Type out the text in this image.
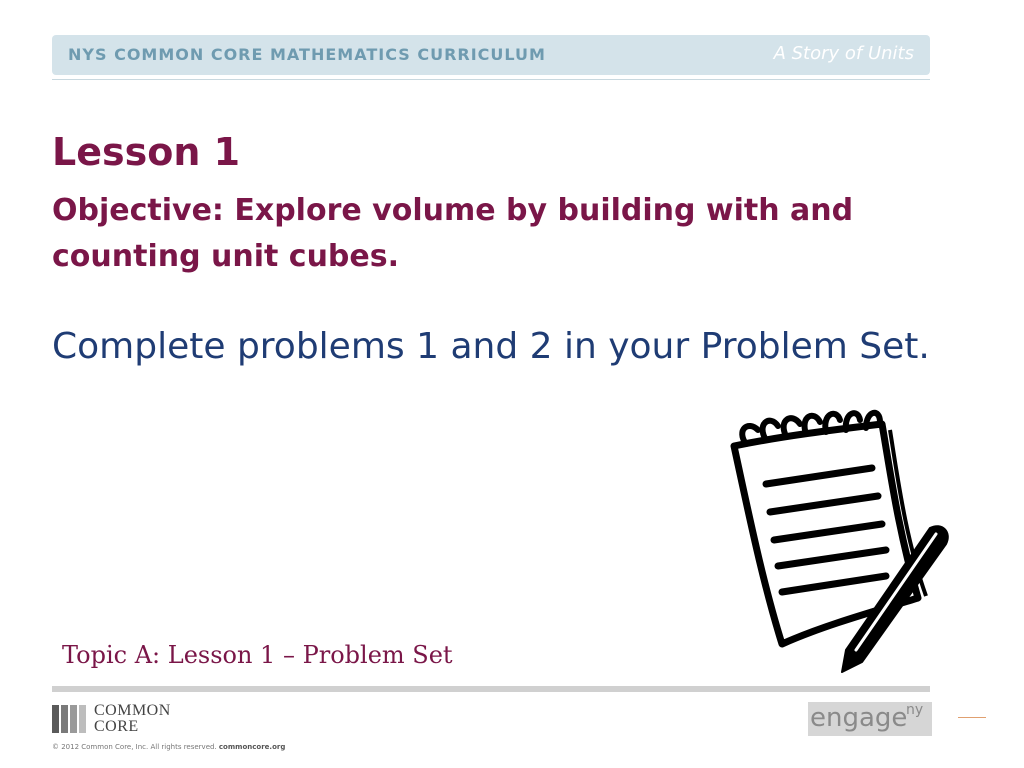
NYS COMMON CORE MATHEMATICS CURRICULUM	A Story of Units
Lesson 1
Objective: Explore volume by building with and counting unit cubes.
Complete problems 1 and 2 in your Problem Set.
Topic A: Lesson 1 – Problem Set
COMMON
CORE
© 2012 Common Core, Inc. All rights reserved. commoncore.org
engage
ny
